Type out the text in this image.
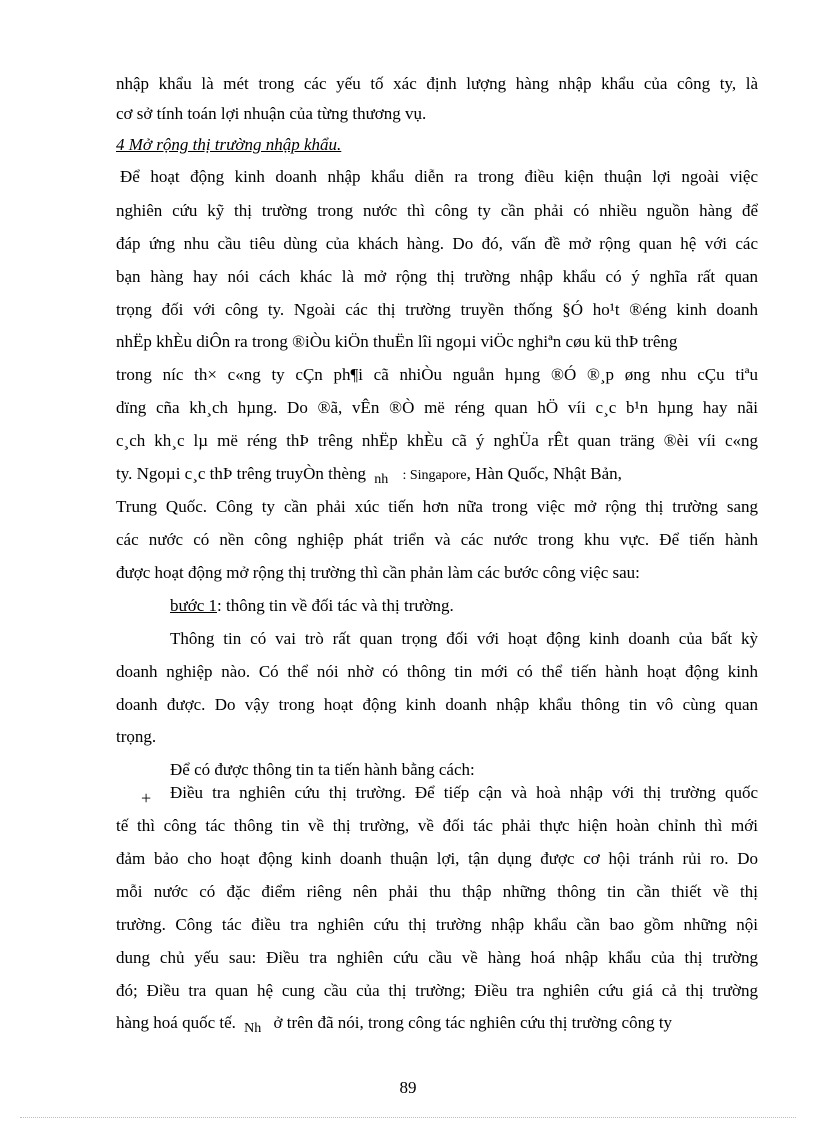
nhập khẩu là mét trong các yếu tố xác định lượng hàng nhập khẩu của công ty, là
cơ sở tính toán lợi nhuận của từng thương vụ.
4 Mở rộng thị trường nhập khẩu.
Để hoạt động kinh doanh nhập khẩu diễn ra trong điều kiện thuận lợi ngoài việc
nghiên cứu kỹ thị trường trong nước thì công ty cần phải có nhiều nguồn hàng để
đáp ứng nhu cầu tiêu dùng của khách hàng. Do đó, vấn đề mở rộng quan hệ với các
bạn hàng hay nói cách khác là mở rộng thị trường nhập khẩu có ý nghĩa rất quan
trọng đối với công ty. Ngoài các thị trường truyền thống §Ó ho¹t ®éng kinh doanh
nhËp khÈu diÔn ra trong ®iÒu kiÖn thuËn lîi ngoµi viÖc nghiªn cøu kü thÞ trêng
trong níc th× c«ng ty cÇn ph¶i cã nhiÒu nguån hµng ®Ó ®¸p øng nhu cÇu tiªu
dïng cña kh¸ch hµng. Do ®ã, vÊn ®Ò më réng quan hÖ víi c¸c b¹n hµng hay nãi
c¸ch kh¸c lµ më réng thÞ trêng nhËp khÈu cã ý nghÜa rÊt quan träng ®èi víi c«ng
ty. Ngoµi c¸c thÞ trêng truyÒn thèng $_{nh}$ : Singapore, Hàn Quốc, Nhật Bản,
Trung Quốc. Công ty cần phải xúc tiến hơn nữa trong việc mở rộng thị trường sang
các nước có nền công nghiệp phát triển và các nước trong khu vực. Để tiến hành
được hoạt động mở rộng thị trường thì cần phản làm các bước công việc sau:
bước 1: thông tin về đối tác và thị trường.
Thông tin có vai trò rất quan trọng đối với hoạt động kinh doanh của bất kỳ
doanh nghiệp nào. Có thể nói nhờ có thông tin mới có thể tiến hành hoạt động kinh
doanh được. Do vậy trong hoạt động kinh doanh nhập khẩu thông tin vô cùng quan
trọng.
Để có được thông tin ta tiến hành bằng cách:
+ Điều tra nghiên cứu thị trường. Để tiếp cận và hoà nhập với thị trường quốc
tế thì công tác thông tin về thị trường, về đối tác phải thực hiện hoàn chỉnh thì mới
đảm bảo cho hoạt động kinh doanh thuận lợi, tận dụng được cơ hội tránh rủi ro. Do
mỗi nước có đặc điểm riêng nên phải thu thập những thông tin cần thiết về thị
trường. Công tác điều tra nghiên cứu thị trường nhập khẩu cần bao gồm những nội
dung chủ yếu sau: Điều tra nghiên cứu cầu về hàng hoá nhập khẩu của thị trường
đó; Điều tra quan hệ cung cầu của thị trường; Điều tra nghiên cứu giá cả thị trường
hàng hoá quốc tế. $_{Nh}$ ở trên đã nói, trong công tác nghiên cứu thị trường công ty
89
